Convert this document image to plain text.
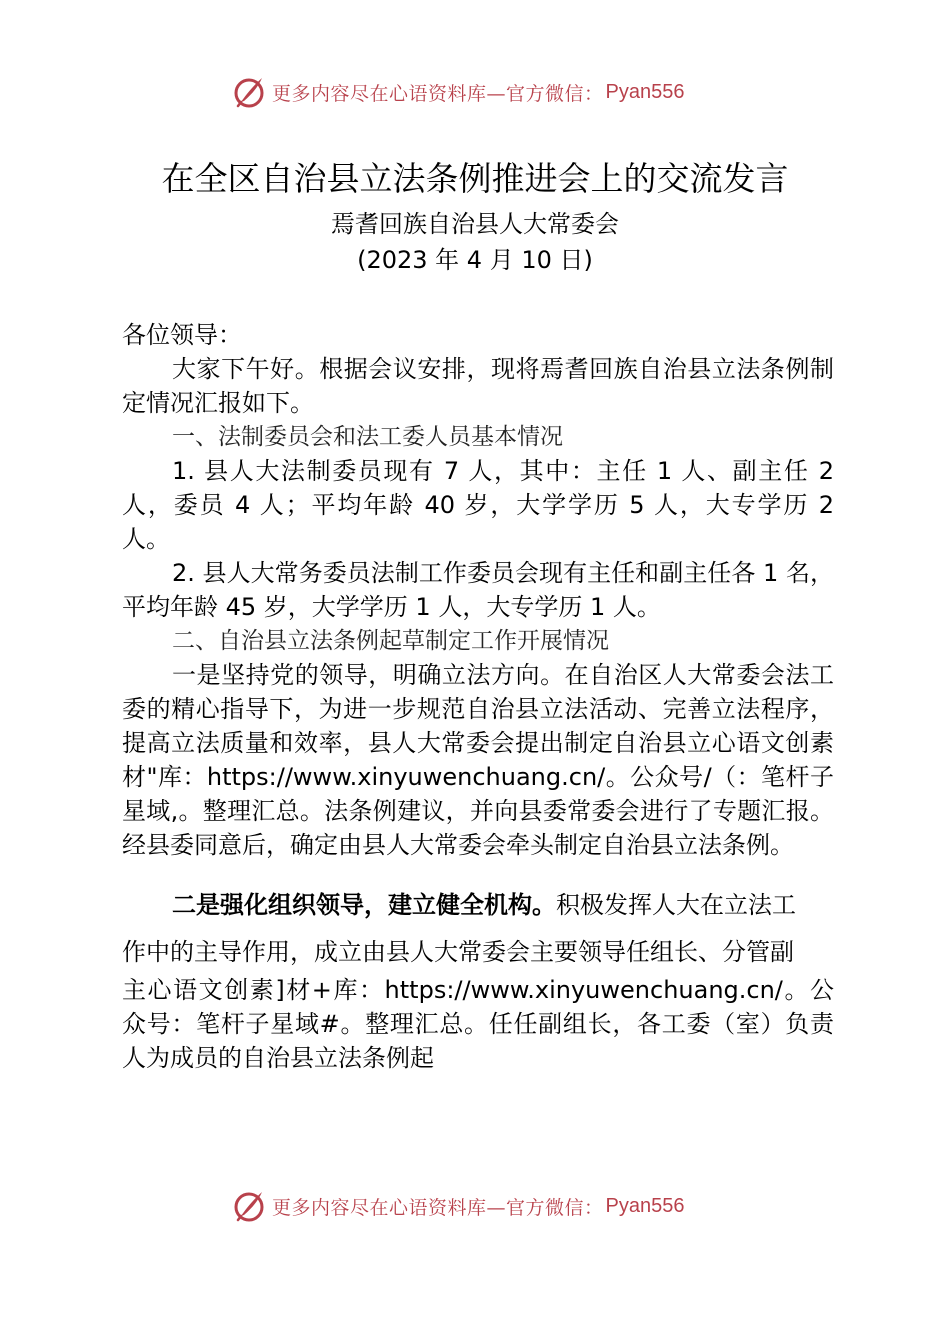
更多内容尽在心语资料库—官方微信： Pyan556
在全区自治县立法条例推进会上的交流发言
焉耆回族自治县人大常委会
(2023 年 4 月 10 日)

各位领导：

大家下午好。根据会议安排，现将焉耆回族自治县立法条例制定情况汇报如下。

一、法制委员会和法工委人员基本情况

1. 县人大法制委员现有 7 人，其中：主任 1 人、副主任 2 人，委员 4 人；平均年龄 40 岁，大学学历 5 人，大专学历 2 人。

2. 县人大常务委员法制工作委员会现有主任和副主任各 1 名，平均年龄 45 岁，大学学历 1 人，大专学历 1 人。

二、自治县立法条例起草制定工作开展情况

一是坚持党的领导，明确立法方向。在自治区人大常委会法工委的精心指导下，为进一步规范自治县立法活动、完善立法程序，提高立法质量和效率，县人大常委会提出制定自治县立心语文创素材"库：https://www.xinyuwenchuang.cn/。公众号/（：笔杆子星域,。整理汇总。法条例建议，并向县委常委会进行了专题汇报。经县委同意后，确定由县人大常委会牵头制定自治县立法条例。

二是强化组织领导，建立健全机构。积极发挥人大在立法工
作中的主导作用，成立由县人大常委会主要领导任组长、分管副

主心语文创素]材+库：https://www.xinyuwenchuang.cn/。公众号：笔杆子星域#。整理汇总。任任副组长，各工委（室）负责人为成员的自治县立法条例起

更多内容尽在心语资料库—官方微信： Pyan556
